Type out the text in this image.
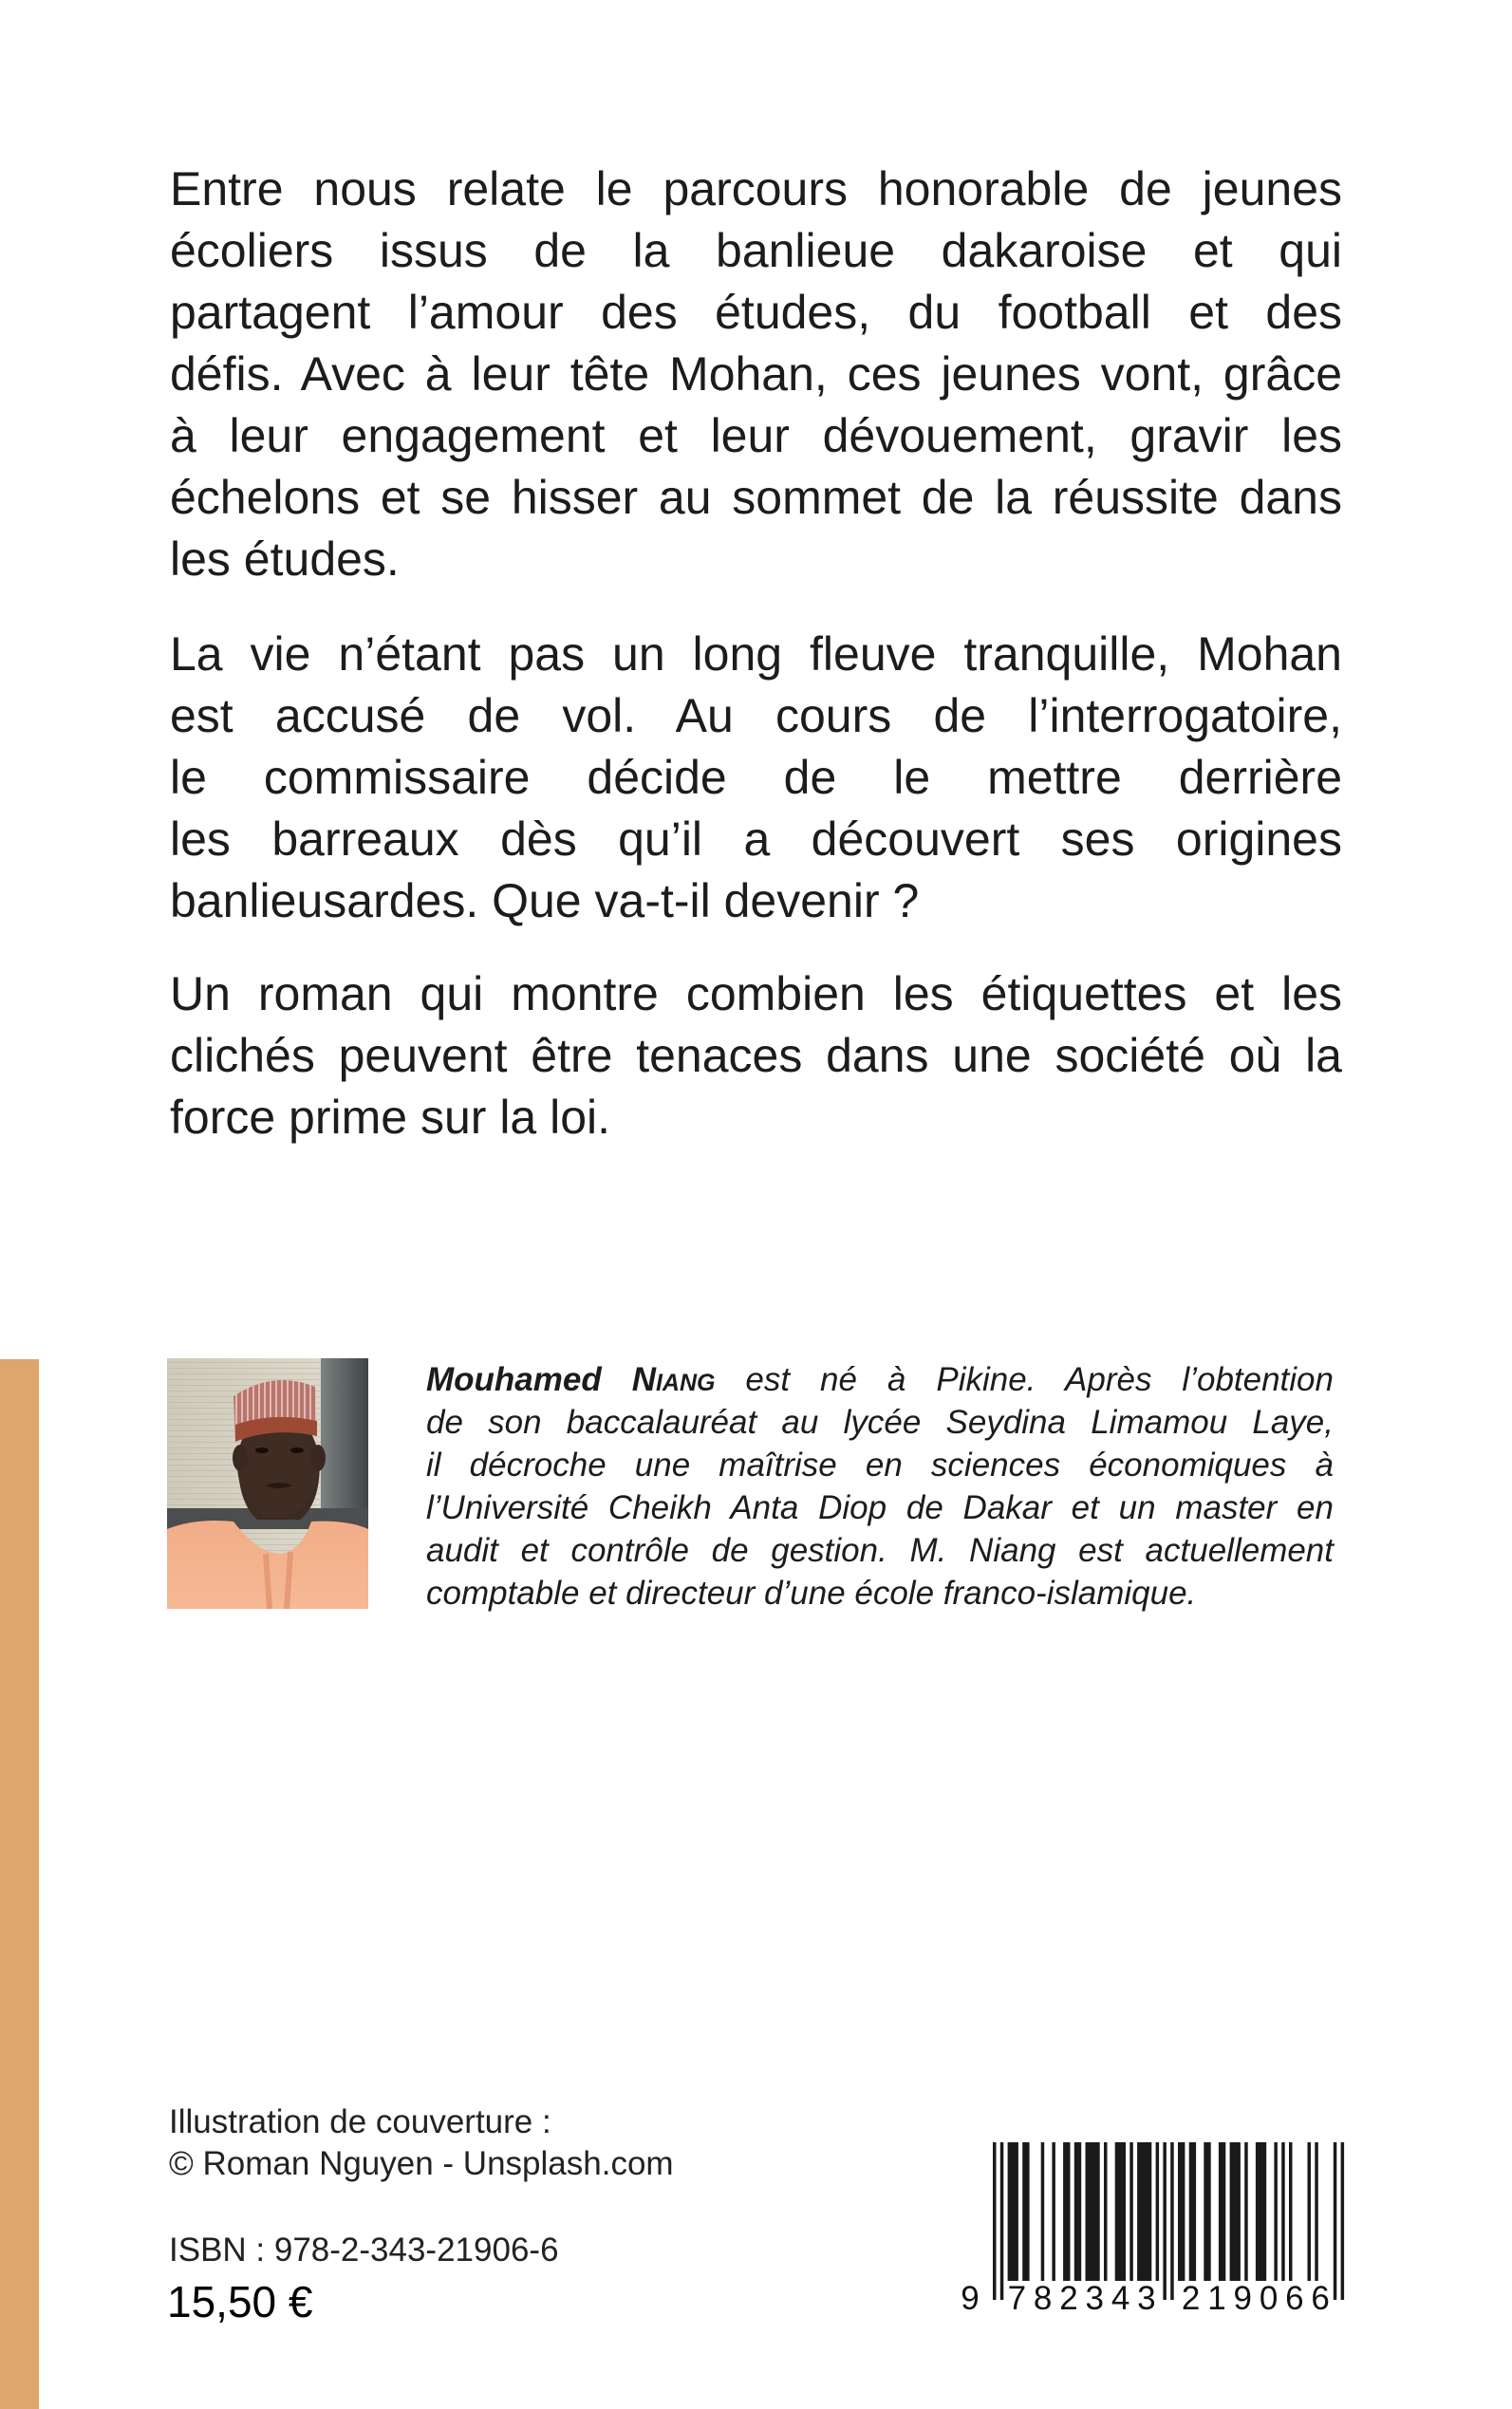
Entre nous relate le parcours honorable de jeunes
écoliers issus de la banlieue dakaroise et qui
partagent l’amour des études, du football et des
défis. Avec à leur tête Mohan, ces jeunes vont, grâce
à leur engagement et leur dévouement, gravir les
échelons et se hisser au sommet de la réussite dans
les études.
La vie n’étant pas un long fleuve tranquille, Mohan
est accusé de vol. Au cours de l’interrogatoire,
le commissaire décide de le mettre derrière
les barreaux dès qu’il a découvert ses origines
banlieusardes. Que va-t-il devenir ?
Un roman qui montre combien les étiquettes et les
clichés peuvent être tenaces dans une société où la
force prime sur la loi.
Mouhamed Niang est né à Pikine. Après l’obtention
de son baccalauréat au lycée Seydina Limamou Laye,
il décroche une maîtrise en sciences économiques à
l’Université Cheikh Anta Diop de Dakar et un master en
audit et contrôle de gestion. M. Niang est actuellement
comptable et directeur d’une école franco-islamique.
Illustration de couverture :
© Roman Nguyen - Unsplash.com
ISBN : 978-2-343-21906-6
15,50 €	9 7 8 2 3 4 3 2 1 9 0 6 6
